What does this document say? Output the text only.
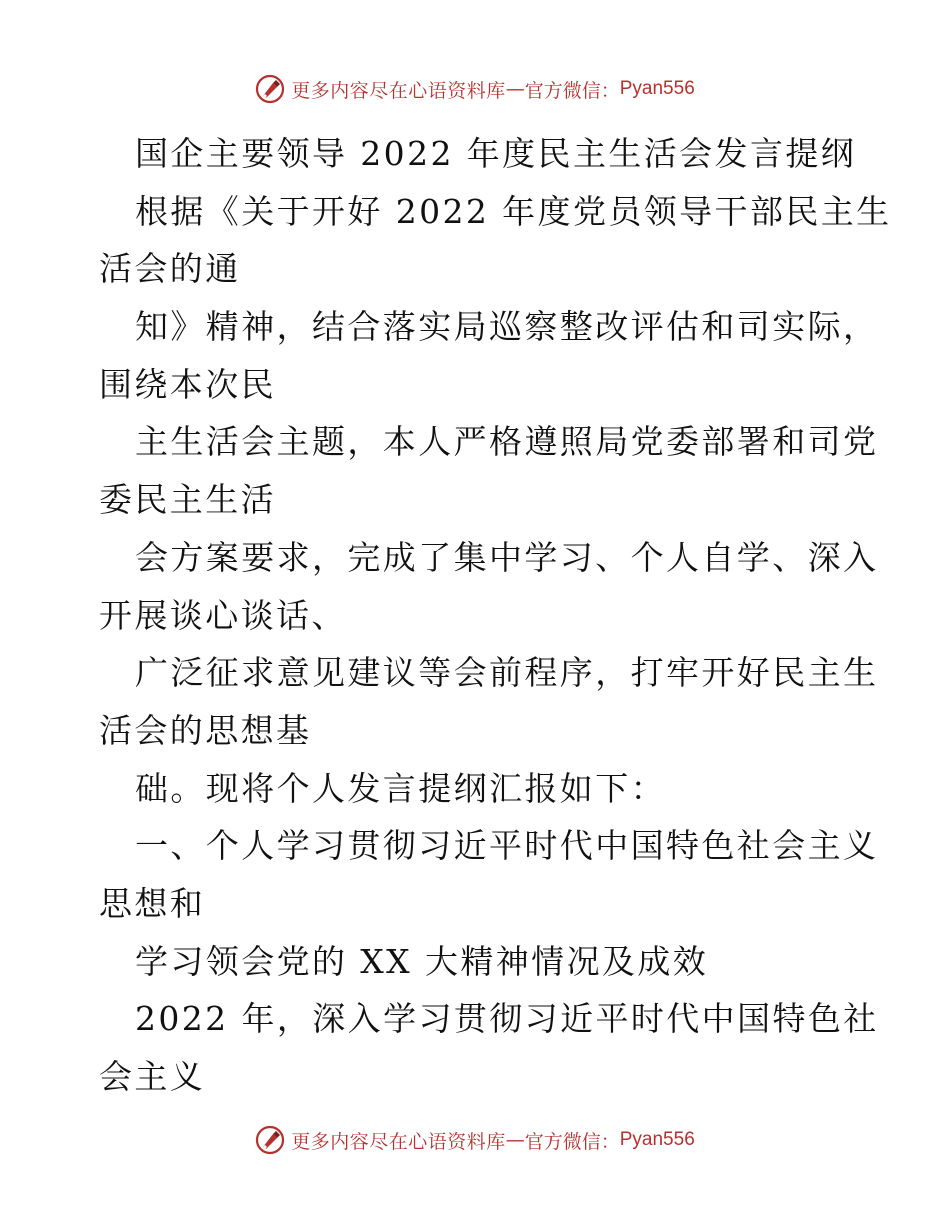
更多内容尽在心语资料库 — 官方微信： Pyan556
国企主要领导 2022 年度民主生活会发言提纲
根据《关于开好 2022 年度党员领导干部民主生
活会的通
知》精神，结合落实局巡察整改评估和司实际，
围绕本次民
主生活会主题，本人严格遵照局党委部署和司党
委民主生活
会方案要求，完成了集中学习、个人自学、深入
开展谈心谈话、
广泛征求意见建议等会前程序，打牢开好民主生
活会的思想基
础。现将个人发言提纲汇报如下：
一、个人学习贯彻习近平时代中国特色社会主义
思想和
学习领会党的 XX 大精神情况及成效
2022 年，深入学习贯彻习近平时代中国特色社
会主义
更多内容尽在心语资料库 — 官方微信： Pyan556
